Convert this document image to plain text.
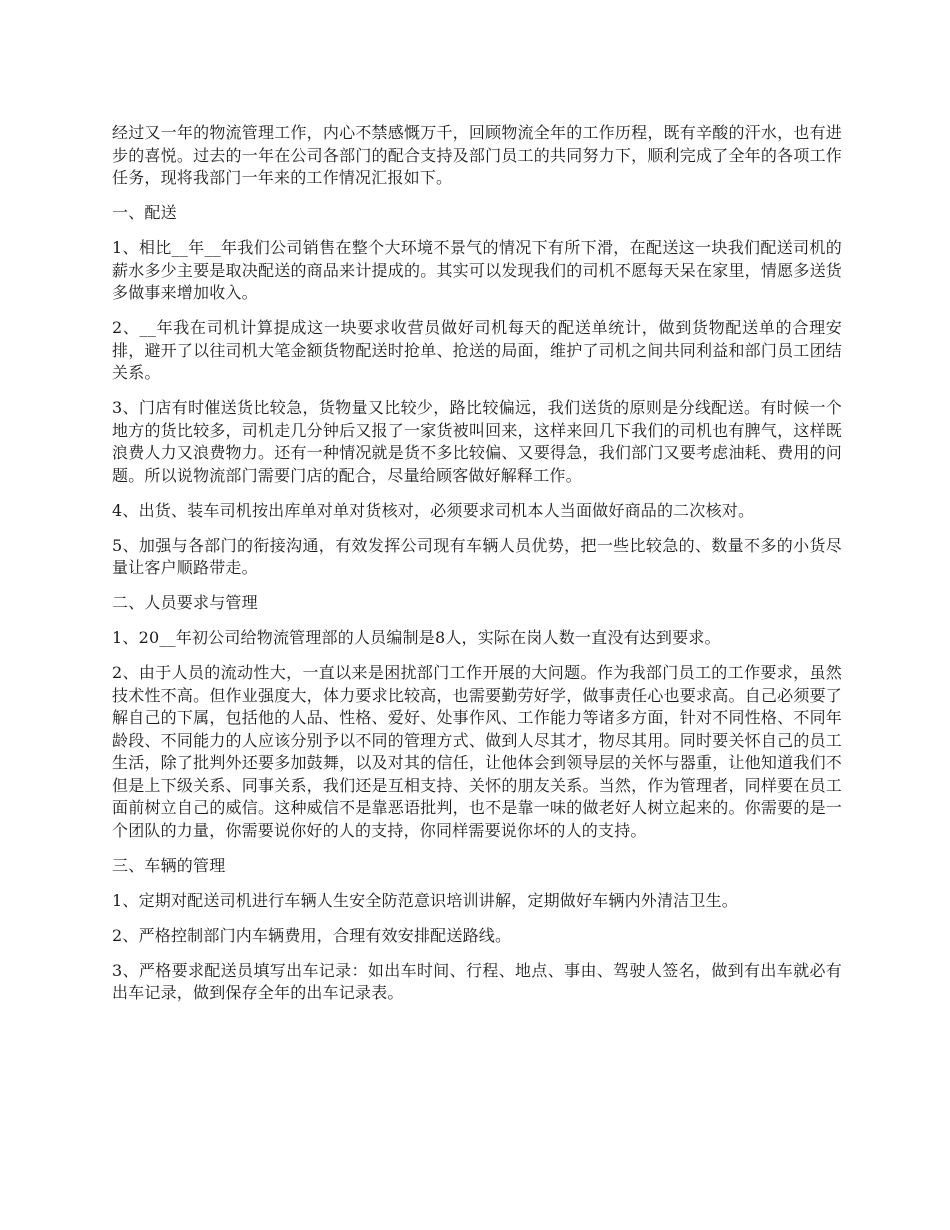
经过又一年的物流管理工作，内心不禁感慨万千，回顾物流全年的工作历程，既有辛酸的汗水，也有进步的喜悦。过去的一年在公司各部门的配合支持及部门员工的共同努力下，顺利完成了全年的各项工作任务，现将我部门一年来的工作情况汇报如下。

一、配送

1、相比__年__年我们公司销售在整个大环境不景气的情况下有所下滑，在配送这一块我们配送司机的薪水多少主要是取决配送的商品来计提成的。其实可以发现我们的司机不愿每天呆在家里，情愿多送货多做事来增加收入。

2、__年我在司机计算提成这一块要求收营员做好司机每天的配送单统计，做到货物配送单的合理安排，避开了以往司机大笔金额货物配送时抢单、抢送的局面，维护了司机之间共同利益和部门员工团结关系。

3、门店有时催送货比较急，货物量又比较少，路比较偏远，我们送货的原则是分线配送。有时候一个地方的货比较多，司机走几分钟后又报了一家货被叫回来，这样来回几下我们的司机也有脾气，这样既浪费人力又浪费物力。还有一种情况就是货不多比较偏、又要得急，我们部门又要考虑油耗、费用的问题。所以说物流部门需要门店的配合，尽量给顾客做好解释工作。

4、出货、装车司机按出库单对单对货核对，必须要求司机本人当面做好商品的二次核对。

5、加强与各部门的衔接沟通，有效发挥公司现有车辆人员优势，把一些比较急的、数量不多的小货尽量让客户顺路带走。

二、人员要求与管理

1、20__年初公司给物流管理部的人员编制是8人，实际在岗人数一直没有达到要求。

2、由于人员的流动性大，一直以来是困扰部门工作开展的大问题。作为我部门员工的工作要求，虽然技术性不高。但作业强度大，体力要求比较高，也需要勤劳好学，做事责任心也要求高。自己必须要了解自己的下属，包括他的人品、性格、爱好、处事作风、工作能力等诸多方面，针对不同性格、不同年龄段、不同能力的人应该分别予以不同的管理方式、做到人尽其才，物尽其用。同时要关怀自己的员工生活，除了批判外还要多加鼓舞，以及对其的信任，让他体会到领导层的关怀与器重，让他知道我们不但是上下级关系、同事关系，我们还是互相支持、关怀的朋友关系。当然，作为管理者，同样要在员工面前树立自己的威信。这种威信不是靠恶语批判，也不是靠一味的做老好人树立起来的。你需要的是一个团队的力量，你需要说你好的人的支持，你同样需要说你坏的人的支持。

三、车辆的管理

1、定期对配送司机进行车辆人生安全防范意识培训讲解，定期做好车辆内外清洁卫生。

2、严格控制部门内车辆费用，合理有效安排配送路线。

3、严格要求配送员填写出车记录：如出车时间、行程、地点、事由、驾驶人签名，做到有出车就必有出车记录，做到保存全年的出车记录表。
